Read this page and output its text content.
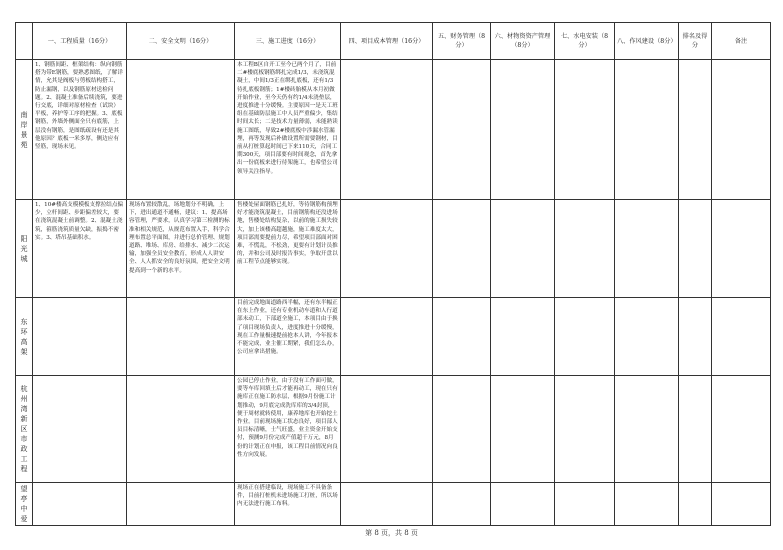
	一、工程质量（16分）	二、安全文明（16分）	三、施工进度（16分）	四、项目成本管理（16分）	五、财务管理（8分）	六、材物资资产管理（8分）	七、水电安装（8分）	八、作风建设（8分）	排名及得分	备注
南岸景苑	1、钢筋间距、框架结构：纵向钢筋搭为带E钢筋，要熟悉图纸，了解详情，允其是阀板与剪板结构搭工，防止漏钢，以及钢筋原材送检问题。2、混凝土准备后续浇筑，要进行交底，详细对原材检查（试块）平板，养护等工序的把握。3、底板钢筋，外墙外侧面全只有底筋，上层没有钢筋，是图纸疏设有还是其他原因？底板一米多厚，侧边应有竖筋，现场未见。		本工程B区自开工至今已两个月了，目前二#楼底板钢筋绑扎完成1/3，未浇筑混凝土，中间1/3正在绑扎底板，还有1/3待扎底板钢筋；1#楼砖胎模从本月初做开始作业，至今天仍有约1/4未浇垫层，进度推进十分缓慢。主要原因一是天工班组在基础防层施工中人员严重偏少，集结时间太长；二是技术力量薄弱，未能熟读施工图纸，导致2#楼底板中涉漏水管漏埋，再等发现后补做设置所需要钢材，目前从打桩算起时间已下来110天，合同工期300天，项目部要有时间观念，首先拿出一份底板来进行待架施工，也希望公司领导关注指导。							
阳光城	1、10#楼高支模模板支撑拉结点偏少，立杆间距、步距偏差较大，要在浇筑混凝土前调整。2、混凝土浇筑，箍筋浇筑质量欠缺，振捣不密实。3、塔吊基础积水。	现场布置较散乱，场地划分不明确，上下，进出通道不通畅，建议：1、提高场容管理，严要求，认真学习第三检测的标准和相关规范，从规范布置入手，科学合理布置总平面图，并进行总价管理、规划道路、堆场、库房、给排水、减少二次运输，加强全员安全教育，形成人人讲安全、人人抓安全的良好氛围，把安全文明提高到一个新的水平。	售楼处屋面钢筋已扎好，等待钢筋构预埋好才能浇筑混凝土，目前钢筋构还没进场地，售楼处结构复杂，以前的施工损失较大，加上该楼高超越施，施工难度太大，项目部需要提前力尽，希望项目部面对困难，不慌乱，不松劲，更要有计划计员推的，并和公司及时报告事实，争取开盘以前工程节点能够实现。							
东环高架			目前完成地面道路西半幅，还有东半幅正在东上作业，还有专业机动车道和人行道部未动工，下部道全施工，本项目由于换了项目现场负责人，进度推进十分缓慢，现在工作量极速提前抢本人讲，今年报本不能完成，业主催工期紧，我们怎么办，公司应拿出措施。							
杭州湾新区市政工程			公园已停止作业，由于没有工作面可做，要等车库回填土后才能再动工，现在只有施库正在施工防水层，根据9月份施工计划推动，9月底完成洗库库的3/4封顶，便于周材就转使用，康养地库也开始挖土作业。目前现场施工状态良好，项目部人员目标清晰，士气旺盛，业主资金开始支付，预测9月份完成产值超千万元，8月份的计划正在申报，该工程目前情况向良性方向发展。							
望亭中爱			现场正在搭建临设，现场施工不具备条件，目前打桩机未进场施工打桩，所以场内无法进行施工布料。							
第 8 页，共 8 页
